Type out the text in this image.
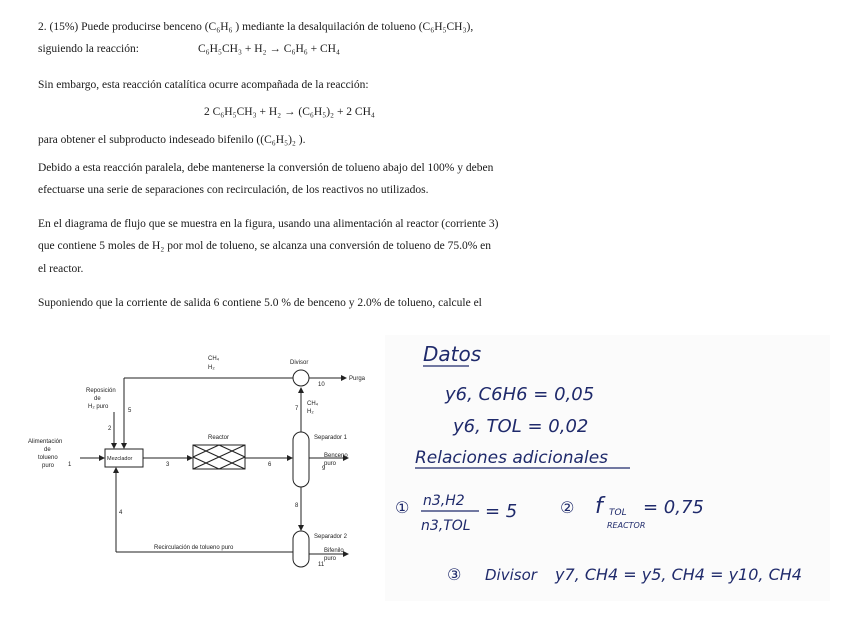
2. (15%) Puede producirse benceno (C₆H₆ ) mediante la desalquilación de tolueno (C₆H₅CH₃),
siguiendo la reacción:	C₆H₅CH₃ + H₂ → C₆H₆ + CH₄
Sin embargo, esta reacción catalítica ocurre acompañada de la reacción:
2 C₆H₅CH₃ + H₂ → (C₆H₅)₂ + 2 CH₄
para obtener el subproducto indeseado bifenilo ((C₆H₅)₂ ).
Debido a esta reacción paralela, debe mantenerse la conversión de tolueno abajo del 100% y deben
efectuarse una serie de separaciones con recirculación, de los reactivos no utilizados.
En el diagrama de flujo que se muestra en la figura, usando una alimentación al reactor (corriente 3)
que contiene 5 moles de H₂ por mol de tolueno, se alcanza una conversión de tolueno de 75.0% en
el reactor.
Suponiendo que la corriente de salida 6 contiene 5.0 % de benceno y 2.0% de tolueno, calcule el
CH₄
H₂
Divisor
Purga
Reposición
de
H₂ puro
Alimentación
de
tolueno
puro
Mezclador
Reactor	Separador 1
Benceno
puro
Separador 2
Bifenilo
puro
Recirculación de tolueno puro
CH₄
H₂
1
2
3
4
5
6
7
8
9
10
11
Datos
y6, C6H6 = 0,05
y6, TOL = 0,02
Relaciones adicionales
① n3,H2
n3,TOL
= 5	② f TOL
REACTOR
= 0,75
③ Divisor y7, CH4 = y5, CH4 = y10, CH4
